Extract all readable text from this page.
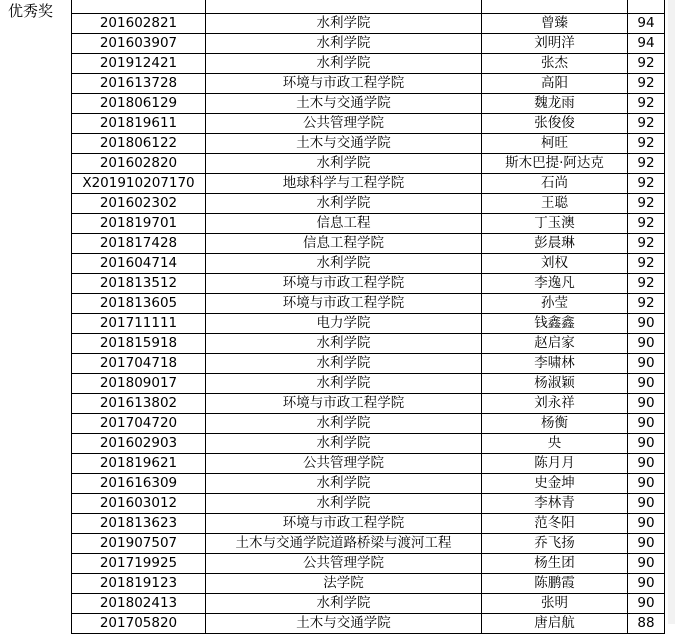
优秀奖

201602821	水利学院	曾臻	94
201603907	水利学院	刘明洋	94
201912421	水利学院	张杰	92
201613728	环境与市政工程学院	高阳	92
201806129	土木与交通学院	魏龙雨	92
201819611	公共管理学院	张俊俊	92
201806122	土木与交通学院	柯旺	92
201602820	水利学院	斯木巴提·阿达克	92
X201910207170	地球科学与工程学院	石尚	92
201602302	水利学院	王聪	92
201819701	信息工程	丁玉澳	92
201817428	信息工程学院	彭晨琳	92
201604714	水利学院	刘权	92
201813512	环境与市政工程学院	李逸凡	92
201813605	环境与市政工程学院	孙莹	92
201711111	电力学院	钱鑫鑫	90
201815918	水利学院	赵启家	90
201704718	水利学院	李啸林	90
201809017	水利学院	杨淑颖	90
201613802	环境与市政工程学院	刘永祥	90
201704720	水利学院	杨衡	90
201602903	水利学院	央	90
201819621	公共管理学院	陈月月	90
201616309	水利学院	史金坤	90
201603012	水利学院	李林青	90
201813623	环境与市政工程学院	范冬阳	90
201907507	土木与交通学院道路桥梁与渡河工程	乔飞扬	90
201719925	公共管理学院	杨生团	90
201819123	法学院	陈鹏霞	90
201802413	水利学院	张明	90
201705820	土木与交通学院	唐启航	88
